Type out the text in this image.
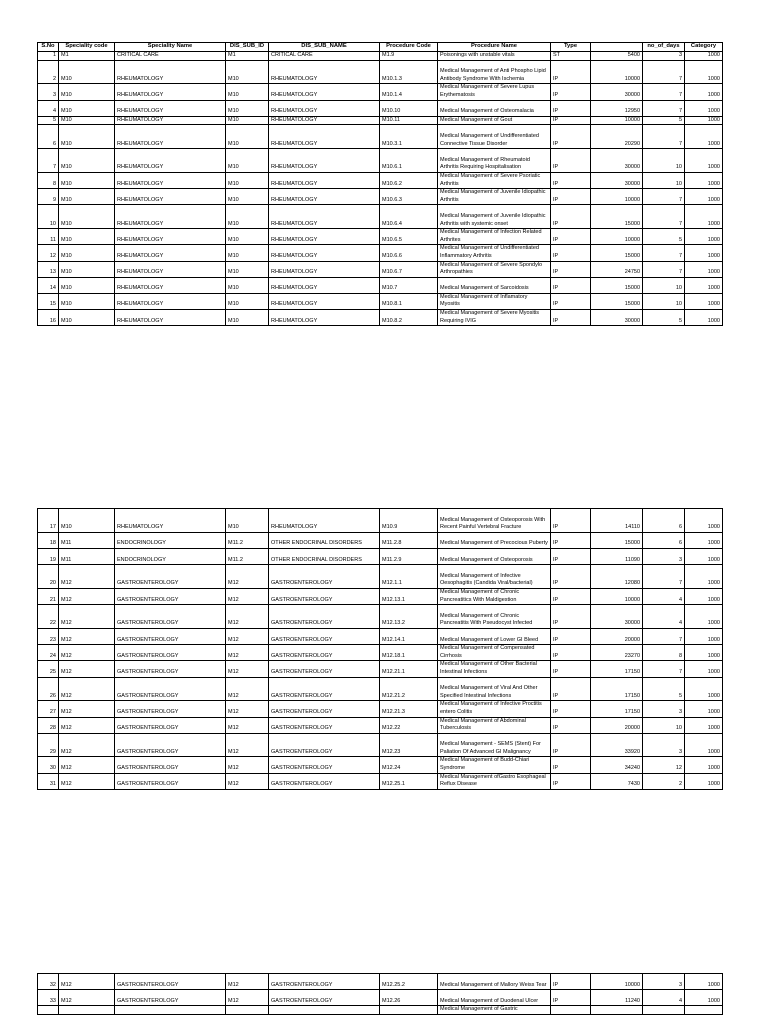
S.No	Speciality code	Speciality Name	DIS_SUB_ID	DIS_SUB_NAME	Procedure Code	Procedure Name	Type		no_of_days	Category
1	M1	CRITICAL CARE	M1	CRITICAL CARE	M1.9	Poisonings with unstable vitals	ST	5400	3	1000
2	M10	RHEUMATOLOGY	M10	RHEUMATOLOGY	M10.1.3	Medical Management of Anti Phospho Lipid Antibody Syndrome With Ischemia	IP	10000	7	1000
3	M10	RHEUMATOLOGY	M10	RHEUMATOLOGY	M10.1.4	Medical Management of Severe Lupus Erythematosis	IP	30000	7	1000
4	M10	RHEUMATOLOGY	M10	RHEUMATOLOGY	M10.10	Medical Management of Osteomalacia	IP	12950	7	1000
5	M10	RHEUMATOLOGY	M10	RHEUMATOLOGY	M10.11	Medical Management of Gout	IP	10000	5	1000
6	M10	RHEUMATOLOGY	M10	RHEUMATOLOGY	M10.3.1	Medical Management of Undifferentiated Connective Tissue Disorder	IP	20290	7	1000
7	M10	RHEUMATOLOGY	M10	RHEUMATOLOGY	M10.6.1	Medical Management of Rheumatoid Arthritis Requiring Hospitalisation	IP	30000	10	1000
8	M10	RHEUMATOLOGY	M10	RHEUMATOLOGY	M10.6.2	Medical Management of Severe Psoriatic Arthritis	IP	30000	10	1000
9	M10	RHEUMATOLOGY	M10	RHEUMATOLOGY	M10.6.3	Medical Management of Juvenile Idiopathic Arthritis	IP	10000	7	1000
10	M10	RHEUMATOLOGY	M10	RHEUMATOLOGY	M10.6.4	Medical Management of Juvenile Idiopathic Arthritis with systemic onset	IP	15000	7	1000
11	M10	RHEUMATOLOGY	M10	RHEUMATOLOGY	M10.6.5	Medical Management of Infection Related Arthrites	IP	10000	5	1000
12	M10	RHEUMATOLOGY	M10	RHEUMATOLOGY	M10.6.6	Medical Management of Undifferentiated Inflammatory Arthritis	IP	15000	7	1000
13	M10	RHEUMATOLOGY	M10	RHEUMATOLOGY	M10.6.7	Medical Management of Severe Spondylo Arthropathies	IP	24750	7	1000
14	M10	RHEUMATOLOGY	M10	RHEUMATOLOGY	M10.7	Medical Management of Sarcoidosis	IP	15000	10	1000
15	M10	RHEUMATOLOGY	M10	RHEUMATOLOGY	M10.8.1	Medical Management of Inflamatory Myositis	IP	15000	10	1000
16	M10	RHEUMATOLOGY	M10	RHEUMATOLOGY	M10.8.2	Medical Management of Severe Myositis Requiring IVIG	IP	30000	5	1000
17	M10	RHEUMATOLOGY	M10	RHEUMATOLOGY	M10.9	Medical Management of Osteoporosis With Recent Painful Vertebral Fracture	IP	14110	6	1000
18	M11	ENDOCRINOLOGY	M11.2	OTHER ENDOCRINAL DISORDERS	M11.2.8	Medical Management of Precocious Puberty	IP	15000	6	1000
19	M11	ENDOCRINOLOGY	M11.2	OTHER ENDOCRINAL DISORDERS	M11.2.9	Medical Management of Osteoporosis	IP	11090	3	1000
20	M12	GASTROENTEROLOGY	M12	GASTROENTEROLOGY	M12.1.1	Medical Management of Infective Oesophagitis (Candida Viral/bacterial)	IP	12080	7	1000
21	M12	GASTROENTEROLOGY	M12	GASTROENTEROLOGY	M12.13.1	Medical Management of Chronic Pancreatitics With Maldigestion	IP	10000	4	1000
22	M12	GASTROENTEROLOGY	M12	GASTROENTEROLOGY	M12.13.2	Medical Management of Chronic Pancreatitis With Pseudocyst Infected	IP	30000	4	1000
23	M12	GASTROENTEROLOGY	M12	GASTROENTEROLOGY	M12.14.1	Medical Management of Lower GI Bleed	IP	20000	7	1000
24	M12	GASTROENTEROLOGY	M12	GASTROENTEROLOGY	M12.18.1	Medical Management of Compensated Cirrhosis	IP	23270	8	1000
25	M12	GASTROENTEROLOGY	M12	GASTROENTEROLOGY	M12.21.1	Medical Management of Other Bacterial Intestinal Infections	IP	17150	7	1000
26	M12	GASTROENTEROLOGY	M12	GASTROENTEROLOGY	M12.21.2	Medical Management of Viral And Other Specified Intestinal Infections	IP	17150	5	1000
27	M12	GASTROENTEROLOGY	M12	GASTROENTEROLOGY	M12.21.3	Medical Management of Infective Proctitis entero Colitis	IP	17150	3	1000
28	M12	GASTROENTEROLOGY	M12	GASTROENTEROLOGY	M12.22	Medical Management of Abdominal Tuberculosis	IP	20000	10	1000
29	M12	GASTROENTEROLOGY	M12	GASTROENTEROLOGY	M12.23	Medical Management - SEMS (Stent) For Paliation Of Advanced GI Malignancy	IP	33920	3	1000
30	M12	GASTROENTEROLOGY	M12	GASTROENTEROLOGY	M12.24	Medical Management of Budd-Chiari Syndrome	IP	34240	12	1000
31	M12	GASTROENTEROLOGY	M12	GASTROENTEROLOGY	M12.25.1	Medical Management ofGastro Esophageal Reflux Disease	IP	7430	2	1000
32	M12	GASTROENTEROLOGY	M12	GASTROENTEROLOGY	M12.25.2	Medical Management of Mallory Weiss Tear	IP	10000	3	1000
33	M12	GASTROENTEROLOGY	M12	GASTROENTEROLOGY	M12.26	Medical Management of Duodenal Ulcer	IP	11240	4	1000
						Medical Management of Gastric				
